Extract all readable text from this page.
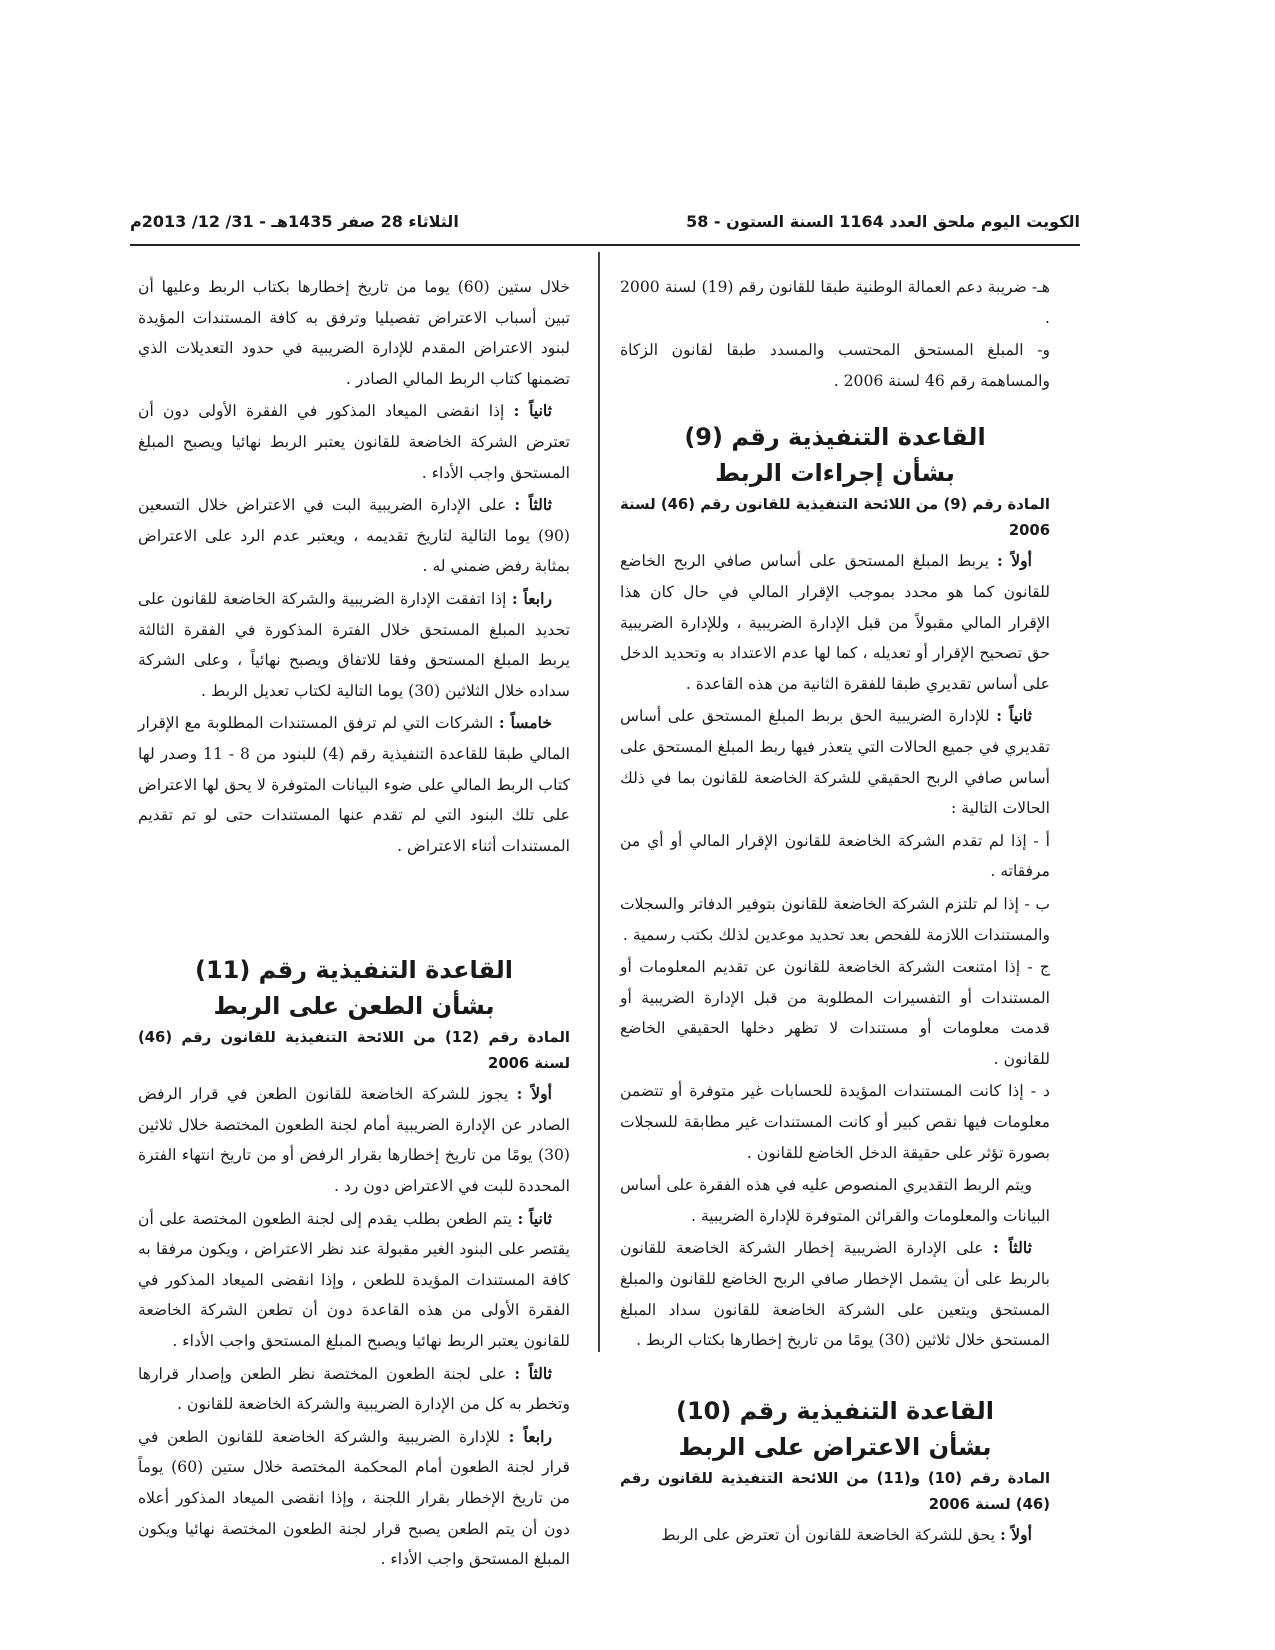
الكويت اليوم ملحق العدد 1164 السنة الستون - 58
الثلاثاء 28 صفر 1435هـ - 31/ 12/ 2013م

هـ- ضريبة دعم العمالة الوطنية طبقا للقانون رقم (19) لسنة 2000 .

و- المبلغ المستحق المحتسب والمسدد طبقا لقانون الزكاة والمساهمة رقم 46 لسنة 2006 .

القاعدة التنفيذية رقم (9)

بشأن إجراءات الربط

المادة رقم (9) من اللائحة التنفيذية للقانون رقم (46) لسنة 2006

أولاً : يربط المبلغ المستحق على أساس صافي الربح الخاضع للقانون كما هو محدد بموجب الإقرار المالي في حال كان هذا الإقرار المالي مقبولاً من قبل الإدارة الضريبية ، وللإدارة الضريبية حق تصحيح الإقرار أو تعديله ، كما لها عدم الاعتداد به وتحديد الدخل على أساس تقديري طبقا للفقرة الثانية من هذه القاعدة .

ثانياً : للإدارة الضريبية الحق بربط المبلغ المستحق على أساس تقديري في جميع الحالات التي يتعذر فيها ربط المبلغ المستحق على أساس صافي الربح الحقيقي للشركة الخاضعة للقانون بما في ذلك الحالات التالية :

أ - إذا لم تقدم الشركة الخاضعة للقانون الإقرار المالي أو أي من مرفقاته .

ب - إذا لم تلتزم الشركة الخاضعة للقانون بتوفير الدفاتر والسجلات والمستندات اللازمة للفحص بعد تحديد موعدين لذلك بكتب رسمية .

ج - إذا امتنعت الشركة الخاضعة للقانون عن تقديم المعلومات أو المستندات أو التفسيرات المطلوبة من قبل الإدارة الضريبية أو قدمت معلومات أو مستندات لا تظهر دخلها الحقيقي الخاضع للقانون .

د - إذا كانت المستندات المؤيدة للحسابات غير متوفرة أو تتضمن معلومات فيها نقص كبير أو كانت المستندات غير مطابقة للسجلات بصورة تؤثر على حقيقة الدخل الخاضع للقانون .

ويتم الربط التقديري المنصوص عليه في هذه الفقرة على أساس البيانات والمعلومات والقرائن المتوفرة للإدارة الضريبية .

ثالثاً : على الإدارة الضريبية إخطار الشركة الخاضعة للقانون بالربط على أن يشمل الإخطار صافي الربح الخاضع للقانون والمبلغ المستحق ويتعين على الشركة الخاضعة للقانون سداد المبلغ المستحق خلال ثلاثين (30) يومًا من تاريخ إخطارها بكتاب الربط .

القاعدة التنفيذية رقم (10)

بشأن الاعتراض على الربط

المادة رقم (10) و(11) من اللائحة التنفيذية للقانون رقم (46) لسنة 2006

أولاً : يحق للشركة الخاضعة للقانون أن تعترض على الربط

خلال ستين (60) يوما من تاريخ إخطارها بكتاب الربط وعليها أن تبين أسباب الاعتراض تفصيليا وترفق به كافة المستندات المؤيدة لبنود الاعتراض المقدم للإدارة الضريبية في حدود التعديلات الذي تضمنها كتاب الربط المالي الصادر .

ثانياً : إذا انقضى الميعاد المذكور في الفقرة الأولى دون أن تعترض الشركة الخاضعة للقانون يعتبر الربط نهائيا ويصبح المبلغ المستحق واجب الأداء .

ثالثاً : على الإدارة الضريبية البت في الاعتراض خلال التسعين (90) يوما التالية لتاريخ تقديمه ، ويعتبر عدم الرد على الاعتراض بمثابة رفض ضمني له .

رابعاً : إذا اتفقت الإدارة الضريبية والشركة الخاضعة للقانون على تحديد المبلغ المستحق خلال الفترة المذكورة في الفقرة الثالثة يربط المبلغ المستحق وفقا للاتفاق ويصبح نهائياً ، وعلى الشركة سداده خلال الثلاثين (30) يوما التالية لكتاب تعديل الربط .

خامساً : الشركات التي لم ترفق المستندات المطلوبة مع الإقرار المالي طبقا للقاعدة التنفيذية رقم (4) للبنود من 8 - 11 وصدر لها كتاب الربط المالي على ضوء البيانات المتوفرة لا يحق لها الاعتراض على تلك البنود التي لم تقدم عنها المستندات حتى لو تم تقديم المستندات أثناء الاعتراض .

القاعدة التنفيذية رقم (11)

بشأن الطعن على الربط

المادة رقم (12) من اللائحة التنفيذية للقانون رقم (46) لسنة 2006

أولاً : يجوز للشركة الخاضعة للقانون الطعن في قرار الرفض الصادر عن الإدارة الضريبية أمام لجنة الطعون المختصة خلال ثلاثين (30) يومًا من تاريخ إخطارها بقرار الرفض أو من تاريخ انتهاء الفترة المحددة للبت في الاعتراض دون رد .

ثانياً : يتم الطعن بطلب يقدم إلى لجنة الطعون المختصة على أن يقتصر على البنود الغير مقبولة عند نظر الاعتراض ، ويكون مرفقا به كافة المستندات المؤيدة للطعن ، وإذا انقضى الميعاد المذكور في الفقرة الأولى من هذه القاعدة دون أن تطعن الشركة الخاضعة للقانون يعتبر الربط نهائيا ويصبح المبلغ المستحق واجب الأداء .

ثالثاً : على لجنة الطعون المختصة نظر الطعن وإصدار قرارها وتخطر به كل من الإدارة الضريبية والشركة الخاضعة للقانون .

رابعاً : للإدارة الضريبية والشركة الخاضعة للقانون الطعن في قرار لجنة الطعون أمام المحكمة المختصة خلال ستين (60) يوماً من تاريخ الإخطار بقرار اللجنة ، وإذا انقضى الميعاد المذكور أعلاه دون أن يتم الطعن يصبح قرار لجنة الطعون المختصة نهائيا ويكون المبلغ المستحق واجب الأداء .
